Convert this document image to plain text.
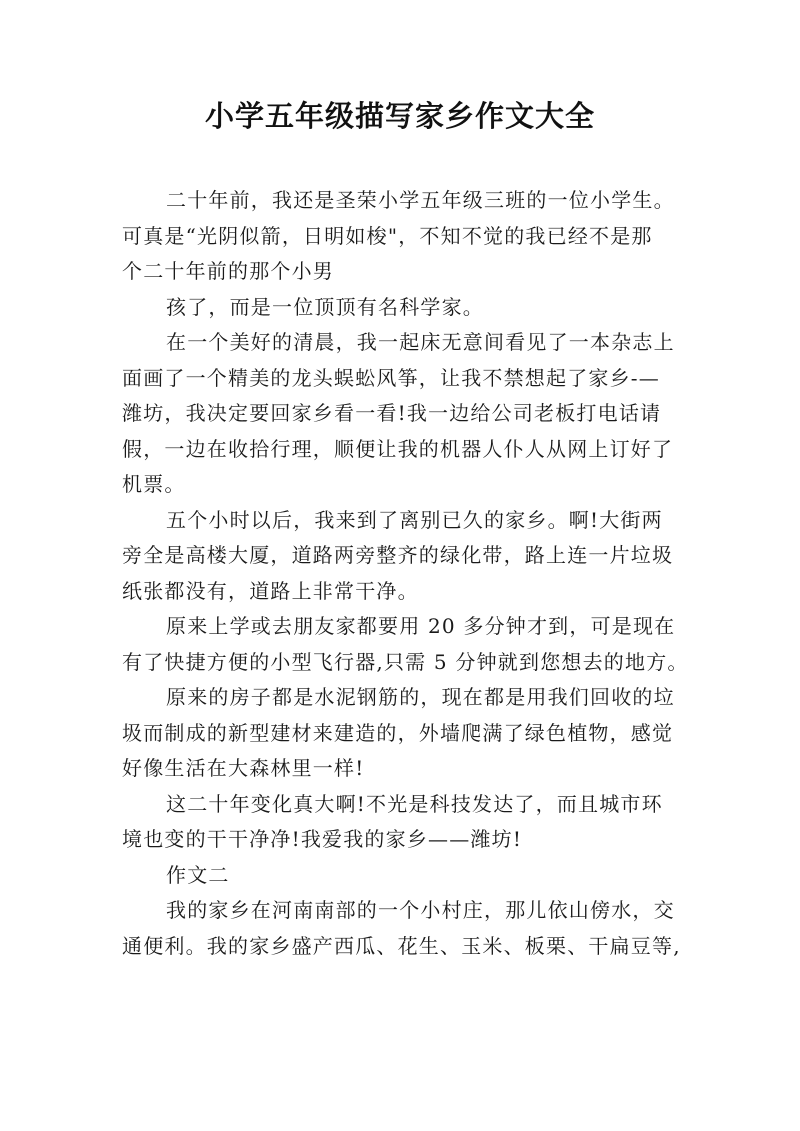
小学五年级描写家乡作文大全
二十年前，我还是圣荣小学五年级三班的一位小学生。
可真是“光阴似箭，日明如梭"，不知不觉的我已经不是那
个二十年前的那个小男
孩了，而是一位顶顶有名科学家。
在一个美好的清晨，我一起床无意间看见了一本杂志上
面画了一个精美的龙头蜈蚣风筝，让我不禁想起了家乡-—
潍坊，我决定要回家乡看一看!我一边给公司老板打电话请
假，一边在收拾行理，顺便让我的机器人仆人从网上订好了
机票。
五个小时以后，我来到了离别已久的家乡。啊!大街两
旁全是高楼大厦，道路两旁整齐的绿化带，路上连一片垃圾
纸张都没有，道路上非常干净。
原来上学或去朋友家都要用 20 多分钟才到，可是现在
有了快捷方便的小型飞行器,只需 5 分钟就到您想去的地方。
原来的房子都是水泥钢筋的，现在都是用我们回收的垃
圾而制成的新型建材来建造的，外墙爬满了绿色植物，感觉
好像生活在大森林里一样!
这二十年变化真大啊!不光是科技发达了，而且城市环
境也变的干干净净!我爱我的家乡——潍坊!
作文二
我的家乡在河南南部的一个小村庄，那儿依山傍水，交
通便利。我的家乡盛产西瓜、花生、玉米、板栗、干扁豆等,
